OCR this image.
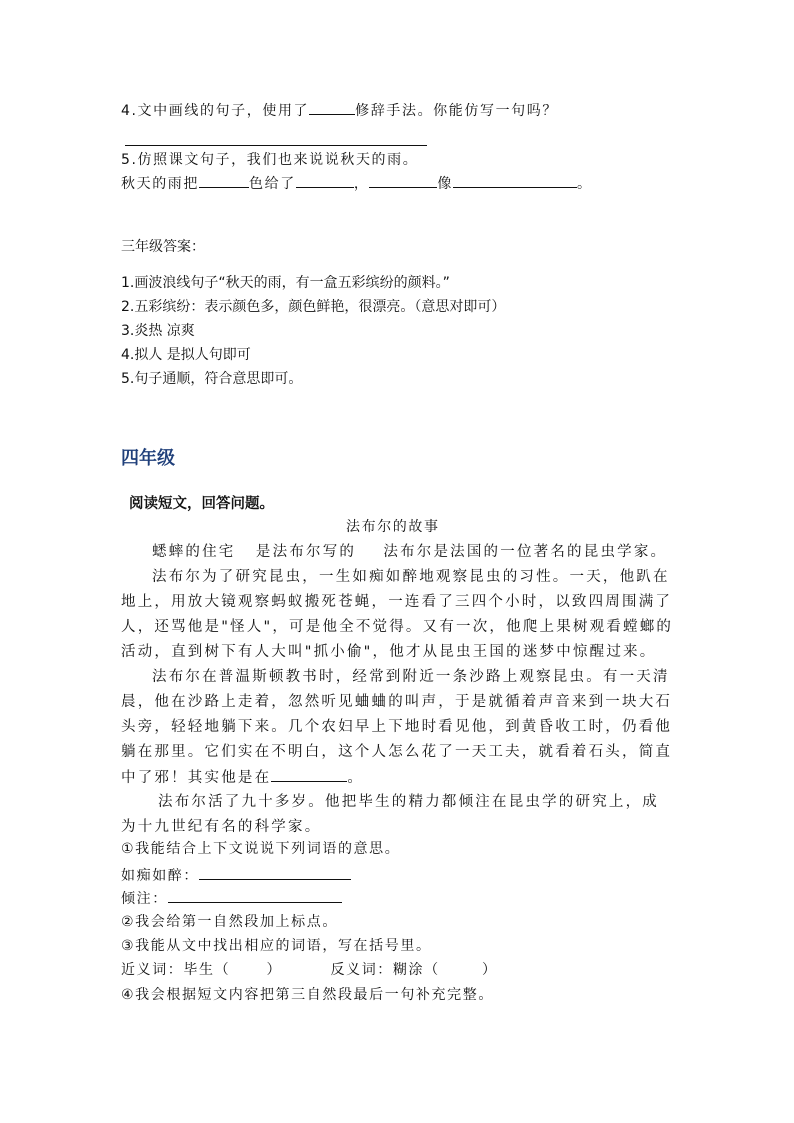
4.文中画线的句子，使用了	修辞手法。你能仿写一句吗？
5.仿照课文句子，我们也来说说秋天的雨。
秋天的雨把	色给了	，	像	。
三年级答案：
1.画波浪线句子“秋天的雨，有一盒五彩缤纷的颜料。”
2.五彩缤纷：表示颜色多，颜色鲜艳，很漂亮。（意思对即可）
3.炎热 凉爽
4.拟人 是拟人句即可
5.句子通顺，符合意思即可。
四年级
阅读短文，回答问题。
法布尔的故事
蟋蟀的住宅   是法布尔写的    法布尔是法国的一位著名的昆虫学家。
法布尔为了研究昆虫，一生如痴如醉地观察昆虫的习性。一天，他趴在
地上，用放大镜观察蚂蚁搬死苍蝇，一连看了三四个小时，以致四周围满了
人，还骂他是"怪人"，可是他全不觉得。又有一次，他爬上果树观看螳螂的
活动，直到树下有人大叫"抓小偷"，他才从昆虫王国的迷梦中惊醒过来。
法布尔在普温斯顿教书时，经常到附近一条沙路上观察昆虫。有一天清
晨，他在沙路上走着，忽然听见蛐蛐的叫声，于是就循着声音来到一块大石
头旁，轻轻地躺下来。几个农妇早上下地时看见他，到黄昏收工时，仍看他
躺在那里。它们实在不明白，这个人怎么花了一天工夫，就看着石头，简直
中了邪！其实他是在	。
法布尔活了九十多岁。他把毕生的精力都倾注在昆虫学的研究上，成
为十九世纪有名的科学家。
①我能结合上下文说说下列词语的意思。
如痴如醉：
倾注：
②我会给第一自然段加上标点。
③我能从文中找出相应的词语，写在括号里。
近义词：毕生（      ）        反义词：糊涂（       ）
④我会根据短文内容把第三自然段最后一句补充完整。
